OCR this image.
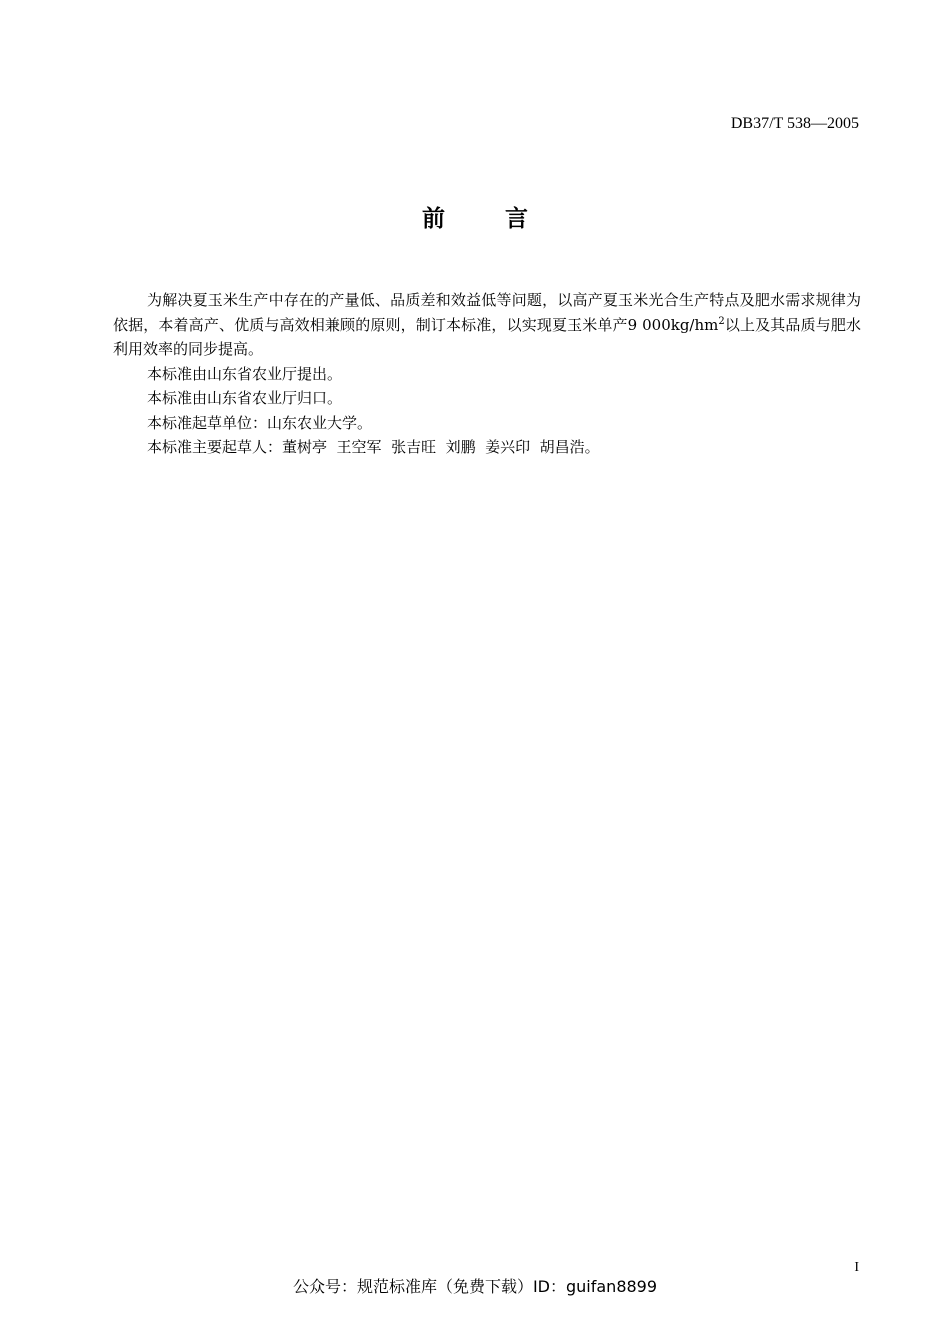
DB37/T 538—2005
前言

为解决夏玉米生产中存在的产量低、品质差和效益低等问题，以高产夏玉米光合生产特点及肥水需求规律为依据，本着高产、优质与高效相兼顾的原则，制订本标准，以实现夏玉米单产9 $000kg/hm^2$以上及其品质与肥水利用效率的同步提高。

本标准由山东省农业厅提出。

本标准由山东省农业厅归口。

本标准起草单位：山东农业大学。

本标准主要起草人：董树亭  王空军  张吉旺  刘鹏  姜兴印  胡昌浩。

I
公众号：规范标准库（免费下载）ID：guifan8899
